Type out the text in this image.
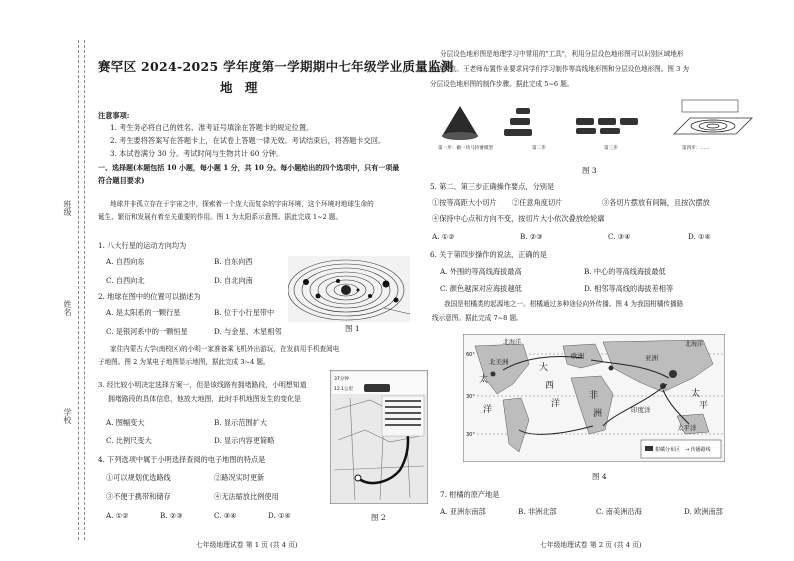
班级
姓名
学校
赛罕区 2024-2025 学年度第一学期期中七年级学业质量监测
地 理
注意事项:
1. 考生务必将自己的姓名、准考证号填涂在答题卡的规定位置。
2. 考生要将答案写在答题卡上，在试卷上答题一律无效。考试结束后，将答题卡交回。
3. 本试卷满分 30 分。考试时间与生物共计 60 分钟。
一、选择题(本题包括 10 小题，每小题 1 分，共 10 分。每小题给出的四个选项中，只有一项最
符合题目要求)
地球并非孤立存在于宇宙之中，探索着一个庞大而复杂的宇宙环境，这个环境对地球生命的
诞生、繁衍和发展有着至关重要的作用。图 1 为太阳系示意图。据此完成 1~2 题。
1. 八大行星的运动方向均为
A. 自西向东	B. 自东向西
C. 自西向北	D. 自北向南
2. 地球在图中的位置可以描述为
A. 是太阳系的一颗行星	B. 位于小行星带中
C. 是银河系中的一颗恒星	D. 与金星、木星相邻	图 1
家住内蒙古大学(南校区)的小明一家准备乘飞机外出游玩，在发前用手机查阅电
子地图。图 2 为某电子地图显示地图，据此完成 3~4 题。
3. 经比较小明决定选择方案一，但是该线路有拥堵路段，小明想知道
拥堵路段的具体信息，他放大地图，此时手机地图发生的变化是
A. 图幅变大	B. 显示范围扩大
C. 比例尺变大	D. 显示内容更简略
4. 下列选项中属于小明选择查阅的电子地图的特点是
①可以规划优选路线	②路况实时更新
③不便于携带和储存	④无法缩放比例使用
A. ①②	B. ②③	C. ③④	D. ①④
37分钟
12.1公里
图 2
七年级地理试卷 第 1 页 (共 4 页)
分层设色地形图是地理学习中常用的"工具"，利用分层设色地形图可以识别区域地形
地势特点。王老师布置作业要求同学们学习制作等高线地形图和分层设色地形图。图 3 为
分层设色地形图的制作步骤。据此完成 5~6 题。
第一步：做一块马铃薯模型	第二步	第三步	第四步：……
图 3
5. 第二、第三步正确操作要点，分别是
①按等高距大小切片 ②任意角度切片	③各切片摆放有间隔，且按次摆放
④保持中心点和方向不变，按切片大小依次叠放绘轮廓
A. ①②	B. ②③	C. ③④	D. ①④
6. 关于第四步操作的说法，正确的是
A. 外围的等高线海拔最高	B. 中心的等高线海拔最低
C. 颜色越深对应海拔越低	D. 相邻等高线的海拔差相等
我国是柑橘类的起源地之一。柑橘通过多种途径向外传播。图 4 为我国柑橘传播路
线示意图。据此完成 7~8 题。
60°
30°
30°
北海洋	北海洋
北美洲
欧洲	亚洲
太
大
西
洋
洋
非
洲	印度洋
太
平
太平洋
柑橘分布区 → 传播路线
图 4
7. 柑橘的原产地是
A. 亚洲东南部	B. 非洲北部	C. 南美洲沿海	D. 欧洲南部
七年级地理试卷 第 2 页 (共 4 页)
